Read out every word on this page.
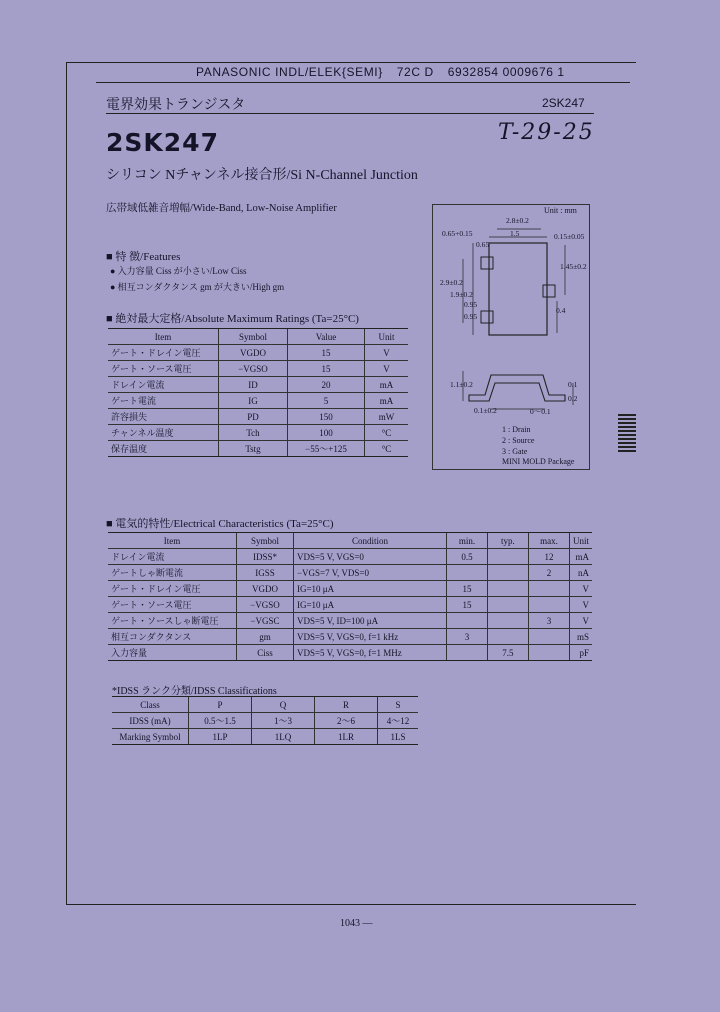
PANASONIC INDL/ELEK{SEMI} 72C D 6932854 0009676 1
電界効果トランジスタ	2SK247
2SK247	T-29-25
シリコン Nチャンネル接合形/Si N-Channel Junction
広帯域低雑音増幅/Wide-Band, Low-Noise Amplifier
■ 特 徴/Features
● 入力容量 Ciss が小さい/Low Ciss
● 相互コンダクタンス gm が大きい/High gm
■ 絶対最大定格/Absolute Maximum Ratings (Ta=25°C)
Item	Symbol	Value	Unit
ゲート・ドレイン電圧	VGDO	15	V
ゲート・ソース電圧	−VGSO	15	V
ドレイン電流	ID	20	mA
ゲート電流	IG	5	mA
許容損失	PD	150	mW
チャンネル温度	Tch	100	°C
保存温度	Tstg	−55～+125	°C
Unit : mm
2.8±0.2
1.5
0.65+0.15
0.65
0.15±0.05
1.45±0.2
2.9±0.2
1.9±0.2
0.95
0.95
0.4
1.1±0.2
0.1±0.2	0～0.1
0.1
0.2
1 : Drain
2 : Source
3 : Gate
MINI MOLD Package
■ 電気的特性/Electrical Characteristics (Ta=25°C)
Item	Symbol	Condition	min.	typ.	max.	Unit
ドレイン電流	IDSS*	VDS=5 V, VGS=0	0.5		12	mA
ゲートしゃ断電流	IGSS	−VGS=7 V, VDS=0			2	nA
ゲート・ドレイン電圧	VGDO	IG=10 μA	15			V
ゲート・ソース電圧	−VGSO	IG=10 μA	15			V
ゲート・ソースしゃ断電圧	−VGSC	VDS=5 V, ID=100 μA			3	V
相互コンダクタンス	gm	VDS=5 V, VGS=0, f=1 kHz	3			mS
入力容量	Ciss	VDS=5 V, VGS=0, f=1 MHz		7.5		pF
*IDSS ランク分類/IDSS Classifications
Class	P	Q	R	S
IDSS (mA)	0.5～1.5	1～3	2～6	4～12
Marking Symbol	1LP	1LQ	1LR	1LS
1043 —
